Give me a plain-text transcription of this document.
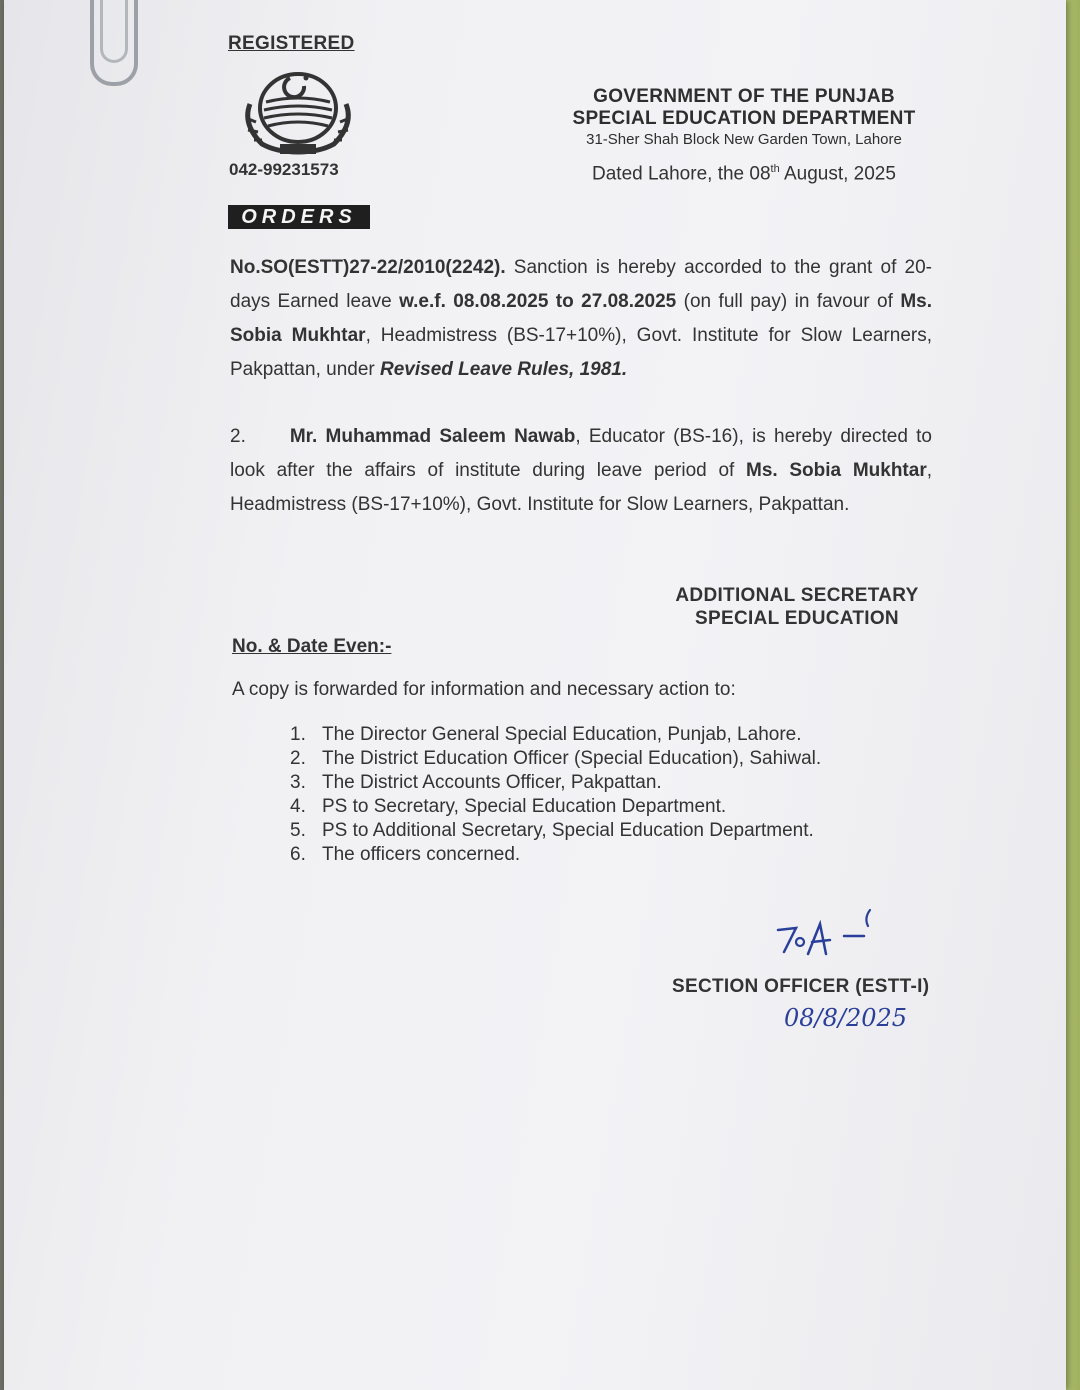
REGISTERED
042-99231573
ORDERS
GOVERNMENT OF THE PUNJAB
SPECIAL EDUCATION DEPARTMENT
31-Sher Shah Block New Garden Town, Lahore
Dated Lahore, the 08th August, 2025
No.SO(ESTT)27-22/2010(2242). Sanction is hereby accorded to the grant of 20-days Earned leave w.e.f. 08.08.2025 to 27.08.2025 (on full pay) in favour of Ms. Sobia Mukhtar, Headmistress (BS-17+10%), Govt. Institute for Slow Learners, Pakpattan, under Revised Leave Rules, 1981.
2. Mr. Muhammad Saleem Nawab, Educator (BS-16), is hereby directed to look after the affairs of institute during leave period of Ms. Sobia Mukhtar, Headmistress (BS-17+10%), Govt. Institute for Slow Learners, Pakpattan.
ADDITIONAL SECRETARY
SPECIAL EDUCATION
No. & Date Even:-
A copy is forwarded for information and necessary action to:
1. The Director General Special Education, Punjab, Lahore.
2. The District Education Officer (Special Education), Sahiwal.
3. The District Accounts Officer, Pakpattan.
4. PS to Secretary, Special Education Department.
5. PS to Additional Secretary, Special Education Department.
6. The officers concerned.
SECTION OFFICER (ESTT-I)
08/8/2025
